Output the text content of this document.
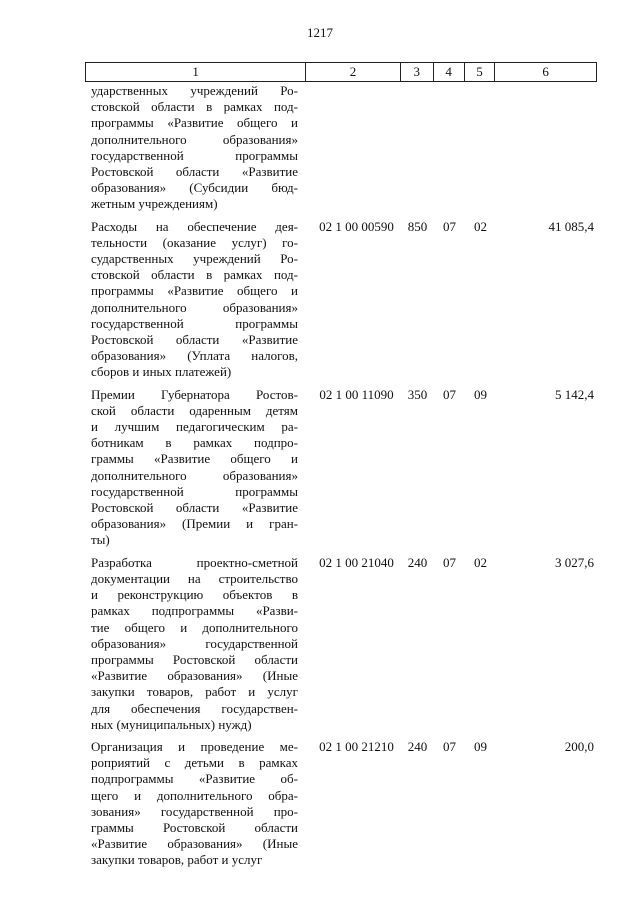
1217
1	2	3	4	5	6
ударственных учреждений Ро-
стовской области в рамках под-
программы «Развитие общего и
дополнительного образования»
государственной программы
Ростовской области «Развитие
образования» (Субсидии бюд-
жетным учреждениям)
Расходы на обеспечение дея-
тельности (оказание услуг) го-
сударственных учреждений Ро-
стовской области в рамках под-
программы «Развитие общего и
дополнительного образования»
государственной программы
Ростовской области «Развитие
образования» (Уплата налогов,
сборов и иных платежей)
02 1 00 00590	850	07	02	41 085,4
Премии Губернатора Ростов-
ской области одаренным детям
и лучшим педагогическим ра-
ботникам в рамках подпро-
граммы «Развитие общего и
дополнительного образования»
государственной программы
Ростовской области «Развитие
образования» (Премии и гран-
ты)
02 1 00 11090	350	07	09	5 142,4
Разработка проектно-сметной
документации на строительство
и реконструкцию объектов в
рамках подпрограммы «Разви-
тие общего и дополнительного
образования» государственной
программы Ростовской области
«Развитие образования» (Иные
закупки товаров, работ и услуг
для обеспечения государствен-
ных (муниципальных) нужд)
02 1 00 21040	240	07	02	3 027,6
Организация и проведение ме-
роприятий с детьми в рамках
подпрограммы «Развитие об-
щего и дополнительного обра-
зования» государственной про-
граммы Ростовской области
«Развитие образования» (Иные
закупки товаров, работ и услуг
02 1 00 21210	240	07	09	200,0
